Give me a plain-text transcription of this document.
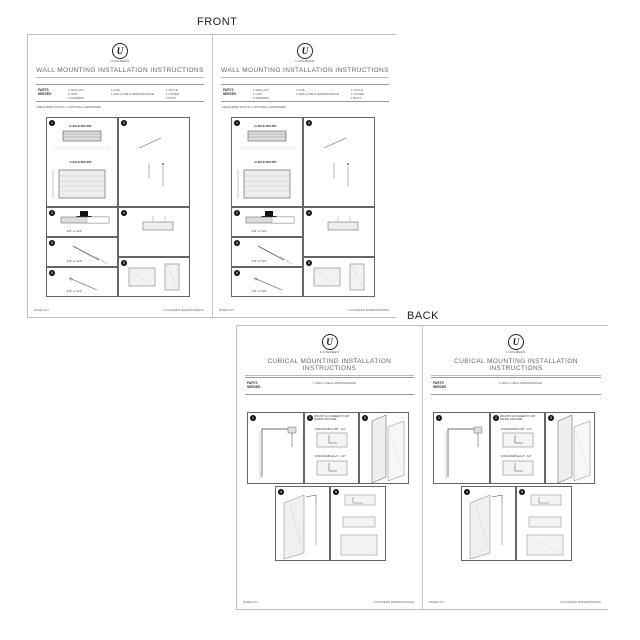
FRONT
BACK
U
LUXGREEN
WALL MOUNTING INSTALLATION INSTRUCTIONS
PARTS NEEDED
1 WALL KIT
1 UNIT
2 SCREWS
1 FOIL
1 WALL USE & MAINTENANCE
1 STYLE
1 COVER
1 BOLT
▪ REQUIRED TOOLS ▪ OPTIONAL HARDWARE
1
2 HOLE MOUNT
4 HOLE MOUNT
3
2
1/2" or 1/4"
4
3
1/2" or 1/4"	5
4
1/2" or 1/4"
PANEL KIT	LUXGREEN FREESTANDING
U
LUXGREEN
WALL MOUNTING INSTALLATION INSTRUCTIONS
PARTS NEEDED
1 WALL KIT
1 UNIT
2 SCREWS
1 FOIL
1 WALL USE & MAINTENANCE
1 STYLE
1 COVER
1 BOLT
▪ REQUIRED TOOLS ▪ OPTIONAL HARDWARE
1
2 HOLE MOUNT
4 HOLE MOUNT
3
2
1/2" or 1/4"
4
3
1/2" or 1/4"	5
4
1/2" or 1/4"
PANEL KIT	LUXGREEN FREESTANDING
U
LUXGREEN
CUBICAL MOUNTING INSTALLATION INSTRUCTIONS
PARTS NEEDED
1 WALL USE & MAINTENANCE
1	2	MOUNTS LUXGREEN TO 3/8 RANGE OR MORE
FOR EXAMPLE 3/8" - 1/4"
FOR EXAMPLE 1/4" - 1/2"
3
4	5
PANEL KIT	LUXGREEN FREESTANDING
U
LUXGREEN
CUBICAL MOUNTING INSTALLATION INSTRUCTIONS
PARTS NEEDED
1 WALL USE & MAINTENANCE
1	2	MOUNTS LUXGREEN TO 3/8 RANGE OR MORE
FOR EXAMPLE 3/8" - 1/4"
FOR EXAMPLE 1/4" - 1/2"
3
4	5
PANEL KIT	LUXGREEN FREESTANDING
